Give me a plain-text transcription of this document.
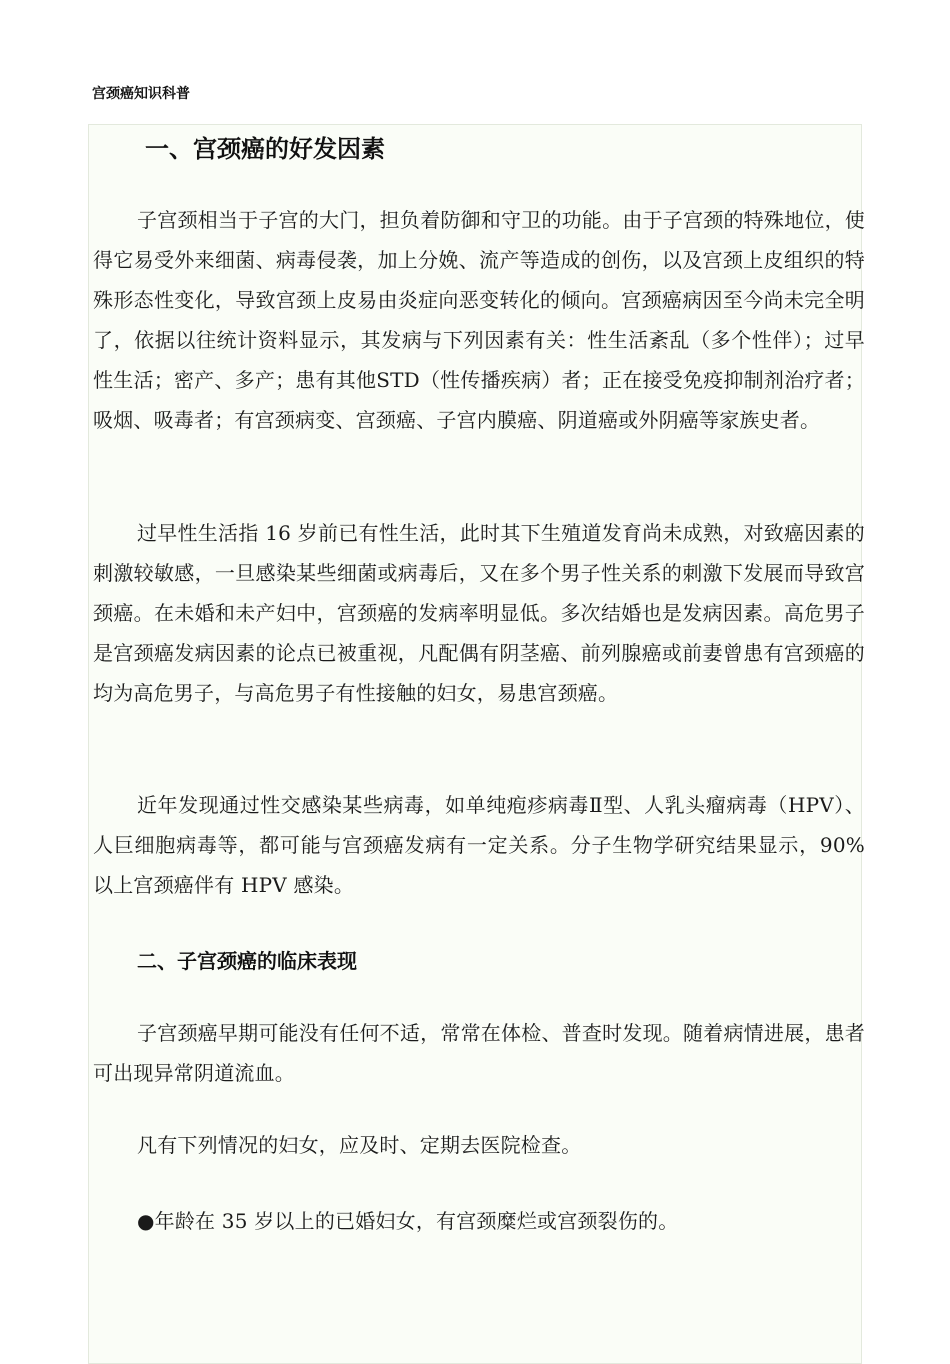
宫颈癌知识科普
一、宫颈癌的好发因素

子宫颈相当于子宫的大门，担负着防御和守卫的功能。由于子宫颈的特殊地位，使得它易受外来细菌、病毒侵袭，加上分娩、流产等造成的创伤，以及宫颈上皮组织的特殊形态性变化，导致宫颈上皮易由炎症向恶变转化的倾向。宫颈癌病因至今尚未完全明了，依据以往统计资料显示，其发病与下列因素有关：性生活紊乱（多个性伴）；过早性生活；密产、多产；患有其他STD（性传播疾病）者；正在接受免疫抑制剂治疗者；吸烟、吸毒者；有宫颈病变、宫颈癌、子宫内膜癌、阴道癌或外阴癌等家族史者。

过早性生活指 16 岁前已有性生活，此时其下生殖道发育尚未成熟，对致癌因素的刺激较敏感，一旦感染某些细菌或病毒后，又在多个男子性关系的刺激下发展而导致宫颈癌。在未婚和未产妇中，宫颈癌的发病率明显低。多次结婚也是发病因素。高危男子是宫颈癌发病因素的论点已被重视，凡配偶有阴茎癌、前列腺癌或前妻曾患有宫颈癌的均为高危男子，与高危男子有性接触的妇女，易患宫颈癌。

近年发现通过性交感染某些病毒，如单纯疱疹病毒Ⅱ型、人乳头瘤病毒（HPV）、人巨细胞病毒等，都可能与宫颈癌发病有一定关系。分子生物学研究结果显示，90%以上宫颈癌伴有 HPV 感染。

二、子宫颈癌的临床表现

子宫颈癌早期可能没有任何不适，常常在体检、普查时发现。随着病情进展，患者可出现异常阴道流血。

凡有下列情况的妇女，应及时、定期去医院检查。

●年龄在 35 岁以上的已婚妇女，有宫颈糜烂或宫颈裂伤的。
